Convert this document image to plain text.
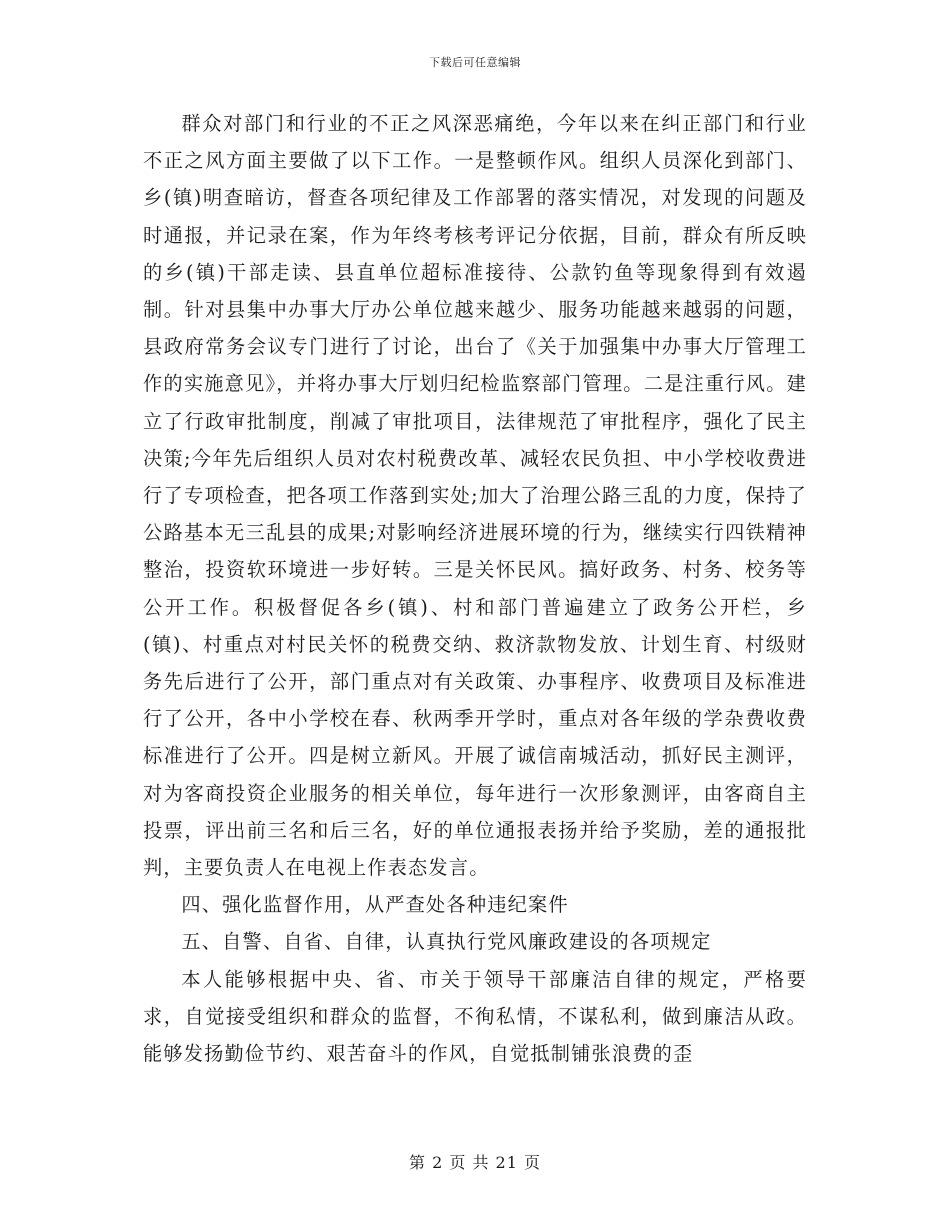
下载后可任意编辑

群众对部门和行业的不正之风深恶痛绝，今年以来在纠正部门和行业不正之风方面主要做了以下工作。一是整顿作风。组织人员深化到部门、乡(镇)明查暗访，督查各项纪律及工作部署的落实情况，对发现的问题及时通报，并记录在案，作为年终考核考评记分依据，目前，群众有所反映的乡(镇)干部走读、县直单位超标准接待、公款钓鱼等现象得到有效遏制。针对县集中办事大厅办公单位越来越少、服务功能越来越弱的问题，县政府常务会议专门进行了讨论，出台了《关于加强集中办事大厅管理工作的实施意见》，并将办事大厅划归纪检监察部门管理。二是注重行风。建立了行政审批制度，削减了审批项目，法律规范了审批程序，强化了民主决策;今年先后组织人员对农村税费改革、减轻农民负担、中小学校收费进行了专项检查，把各项工作落到实处;加大了治理公路三乱的力度，保持了公路基本无三乱县的成果;对影响经济进展环境的行为，继续实行四铁精神整治，投资软环境进一步好转。三是关怀民风。搞好政务、村务、校务等公开工作。积极督促各乡(镇)、村和部门普遍建立了政务公开栏，乡(镇)、村重点对村民关怀的税费交纳、救济款物发放、计划生育、村级财务先后进行了公开，部门重点对有关政策、办事程序、收费项目及标准进行了公开，各中小学校在春、秋两季开学时，重点对各年级的学杂费收费标准进行了公开。四是树立新风。开展了诚信南城活动，抓好民主测评，对为客商投资企业服务的相关单位，每年进行一次形象测评，由客商自主投票，评出前三名和后三名，好的单位通报表扬并给予奖励，差的通报批判，主要负责人在电视上作表态发言。

四、强化监督作用，从严查处各种违纪案件

五、自警、自省、自律，认真执行党风廉政建设的各项规定

本人能够根据中央、省、市关于领导干部廉洁自律的规定，严格要求，自觉接受组织和群众的监督，不徇私情，不谋私利，做到廉洁从政。能够发扬勤俭节约、艰苦奋斗的作风，自觉抵制铺张浪费的歪

第 2 页 共 21 页
